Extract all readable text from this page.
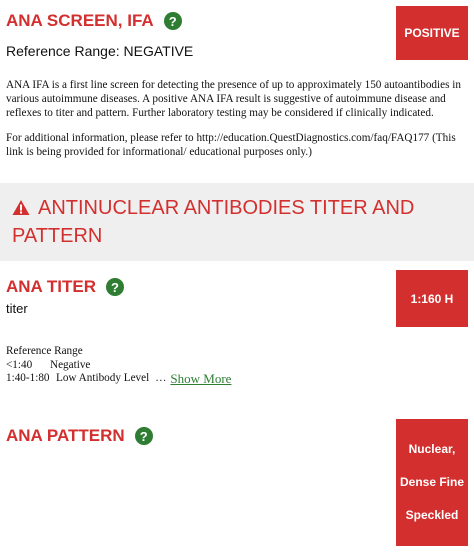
ANA SCREEN, IFA	?
POSITIVE
Reference Range: NEGATIVE

ANA IFA is a first line screen for detecting the presence of up to approximately 150 autoantibodies in various autoimmune diseases. A positive ANA IFA result is suggestive of autoimmune disease and reflexes to titer and pattern. Further laboratory testing may be considered if clinically indicated.

For additional information, please refer to http://education.QuestDiagnostics.com/faq/FAQ177 (This link is being provided for informational/ educational purposes only.)

ANTINUCLEAR ANTIBODIES TITER AND PATTERN
ANA TITER	?
titer
1:160 H
Reference Range
<1:40	Negative
1:40-1:80 Low Antibody Level … Show More
ANA PATTERN	?
Nuclear,
Dense Fine
Speckled
